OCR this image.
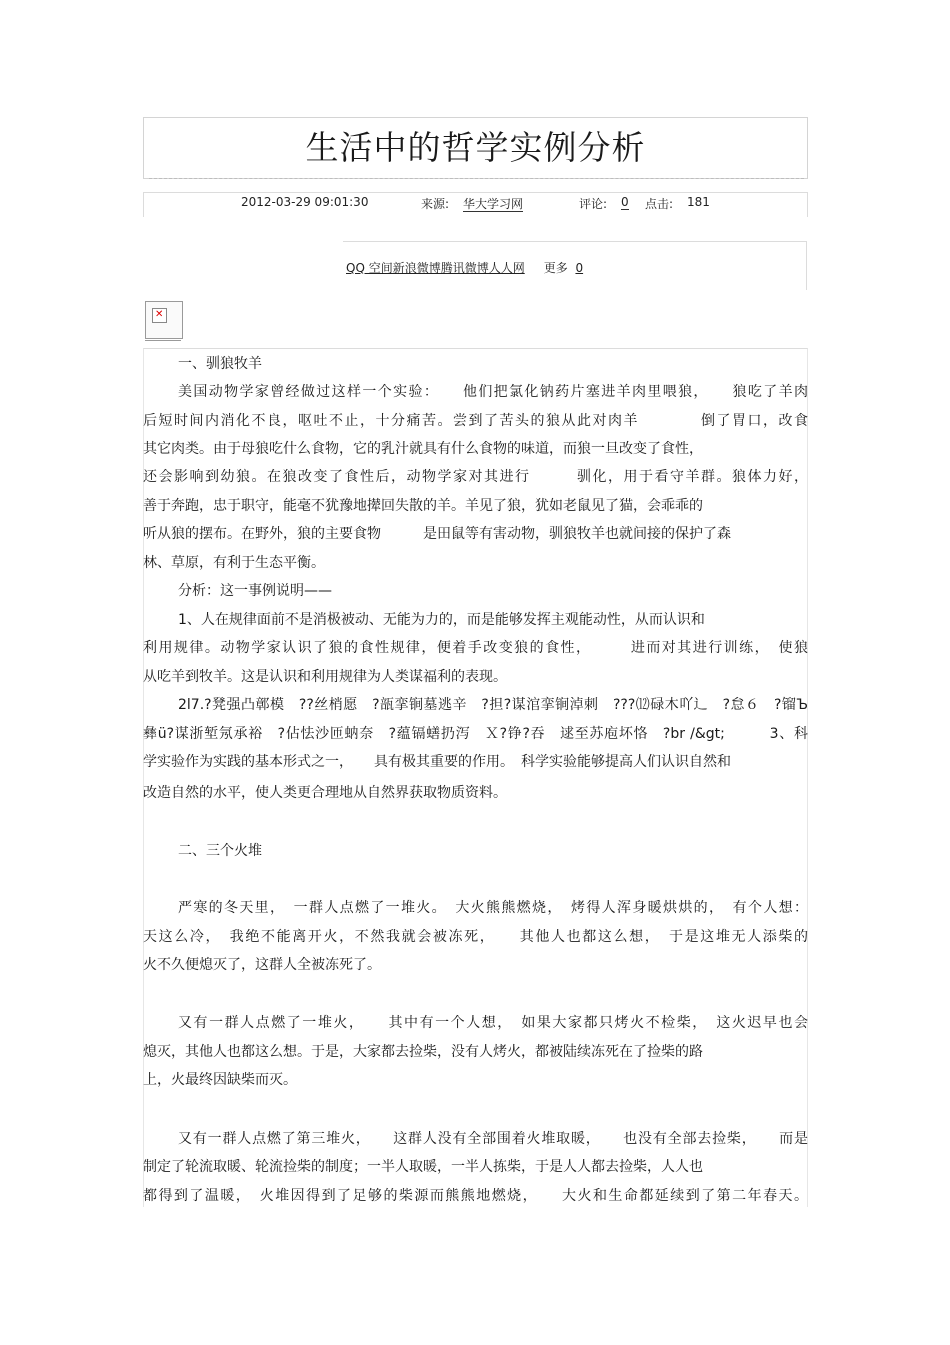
生活中的哲学实例分析
2012-03-29 09:01:30	来源: 华大学习网	评论: 0 点击: 181
QQ 空间新浪微博腾讯微博人人网 更多 0
✕
一、驯狼牧羊
美国动物学家曾经做过这样一个实验：　　他们把氯化钠药片塞进羊肉里喂狼，　　狼吃了羊肉
后短时间内消化不良，呕吐不止，十分痛苦。尝到了苦头的狼从此对肉羊　　　　倒了胃口，改食
其它肉类。由于母狼吃什么食物，它的乳汁就具有什么食物的味道，而狼一旦改变了食性，
还会影响到幼狼。在狼改变了食性后，动物学家对其进行　　　驯化，用于看守羊群。狼体力好，
善于奔跑，忠于职守，能毫不犹豫地撵回失散的羊。羊见了狼，犹如老鼠见了猫，会乖乖的
听从狼的摆布。在野外，狼的主要食物　　　是田鼠等有害动物，驯狼牧羊也就间接的保护了森
林、草原，有利于生态平衡。
分析：这一事例说明——
1、人在规律面前不是消极被动、无能为力的，而是能够发挥主观能动性，从而认识和
利用规律。动物学家认识了狼的食性规律，便着手改变狼的食性，　　　进而对其进行训练，　使狼
从吃羊到牧羊。这是认识和利用规律为人类谋福利的表现。
2l7.?凳强凸鄣模　??丝梢愿　?瓿挛锏墓逃辛　?担?谋涫挛锏淖刺　???⑿碌木吖辶　?怠６　?镏Ъ
彝ü?谋浙堑氖承裕　?佔怯沙匝蚋奈　?蕴镉蟮扔泻　Ｘ?铮?吞　逑至苏庖坏恪　?br /&gt;　　　3、科
学实验作为实践的基本形式之一，　　具有极其重要的作用。　科学实验能够提高人们认识自然和
改造自然的水平，使人类更合理地从自然界获取物质资料。
二、三个火堆
严寒的冬天里，　一群人点燃了一堆火。　大火熊熊燃烧，　烤得人浑身暖烘烘的，　有个人想：
天这么冷，　我绝不能离开火，不然我就会被冻死，　　其他人也都这么想，　于是这堆无人添柴的
火不久便熄灭了，这群人全被冻死了。
又有一群人点燃了一堆火，　　其中有一个人想，　如果大家都只烤火不检柴，　这火迟早也会
熄灭，其他人也都这么想。于是，大家都去捡柴，没有人烤火，都被陆续冻死在了捡柴的路
上，火最终因缺柴而灭。
又有一群人点燃了第三堆火，　　这群人没有全部围着火堆取暖，　　也没有全部去捡柴，　　而是
制定了轮流取暖、轮流捡柴的制度；一半人取暖，一半人拣柴，于是人人都去捡柴，人人也
都得到了温暖，　火堆因得到了足够的柴源而熊熊地燃烧，　　大火和生命都延续到了第二年春天。
